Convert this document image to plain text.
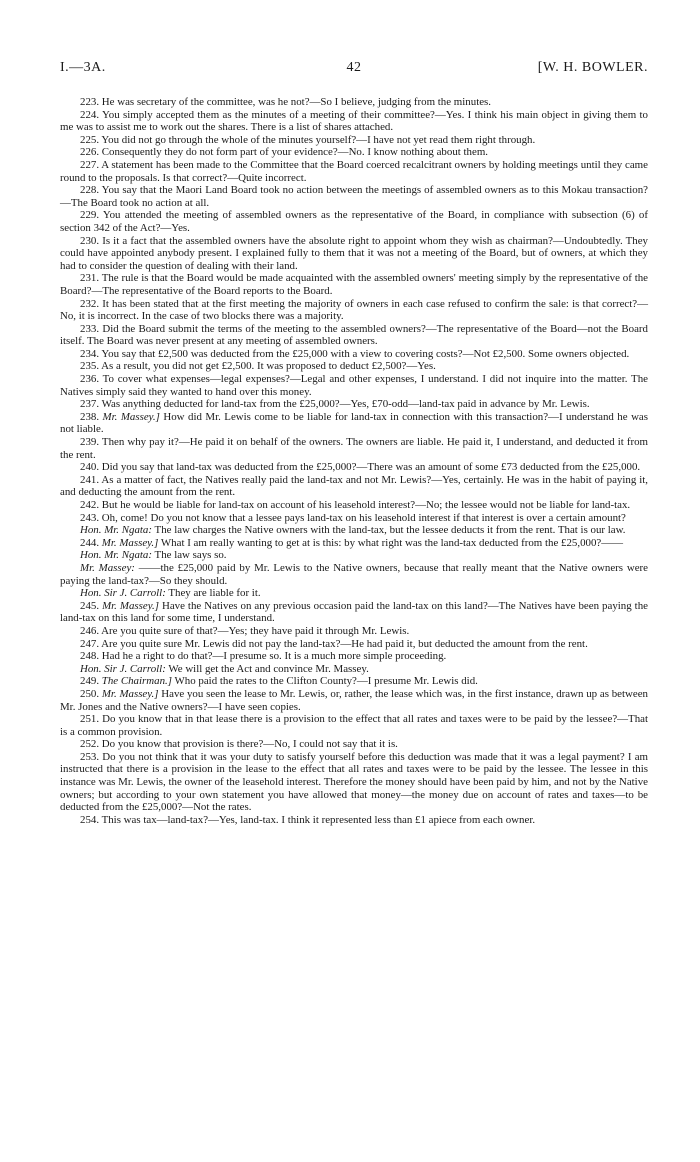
I.—3A.	42	[W. H. BOWLER.

223. He was secretary of the committee, was he not?—So I believe, judging from the minutes.

224. You simply accepted them as the minutes of a meeting of their committee?—Yes. I think his main object in giving them to me was to assist me to work out the shares. There is a list of shares attached.

225. You did not go through the whole of the minutes yourself?—I have not yet read them right through.

226. Consequently they do not form part of your evidence?—No. I know nothing about them.

227. A statement has been made to the Committee that the Board coerced recalcitrant owners by holding meetings until they came round to the proposals. Is that correct?—Quite incorrect.

228. You say that the Maori Land Board took no action between the meetings of assembled owners as to this Mokau transaction?—The Board took no action at all.

229. You attended the meeting of assembled owners as the representative of the Board, in compliance with subsection (6) of section 342 of the Act?—Yes.

230. Is it a fact that the assembled owners have the absolute right to appoint whom they wish as chairman?—Undoubtedly. They could have appointed anybody present. I explained fully to them that it was not a meeting of the Board, but of owners, at which they had to consider the question of dealing with their land.

231. The rule is that the Board would be made acquainted with the assembled owners' meeting simply by the representative of the Board?—The representative of the Board reports to the Board.

232. It has been stated that at the first meeting the majority of owners in each case refused to confirm the sale: is that correct?—No, it is incorrect. In the case of two blocks there was a majority.

233. Did the Board submit the terms of the meeting to the assembled owners?—The representative of the Board—not the Board itself. The Board was never present at any meeting of assembled owners.

234. You say that £2,500 was deducted from the £25,000 with a view to covering costs?—Not £2,500. Some owners objected.

235. As a result, you did not get £2,500. It was proposed to deduct £2,500?—Yes.

236. To cover what expenses—legal expenses?—Legal and other expenses, I understand. I did not inquire into the matter. The Natives simply said they wanted to hand over this money.

237. Was anything deducted for land-tax from the £25,000?—Yes, £70-odd—land-tax paid in advance by Mr. Lewis.

238. Mr. Massey.] How did Mr. Lewis come to be liable for land-tax in connection with this transaction?—I understand he was not liable.

239. Then why pay it?—He paid it on behalf of the owners. The owners are liable. He paid it, I understand, and deducted it from the rent.

240. Did you say that land-tax was deducted from the £25,000?—There was an amount of some £73 deducted from the £25,000.

241. As a matter of fact, the Natives really paid the land-tax and not Mr. Lewis?—Yes, certainly. He was in the habit of paying it, and deducting the amount from the rent.

242. But he would be liable for land-tax on account of his leasehold interest?—No; the lessee would not be liable for land-tax.

243. Oh, come! Do you not know that a lessee pays land-tax on his leasehold interest if that interest is over a certain amount?

Hon. Mr. Ngata: The law charges the Native owners with the land-tax, but the lessee deducts it from the rent. That is our law.

244. Mr. Massey.] What I am really wanting to get at is this: by what right was the land-tax deducted from the £25,000?——

Hon. Mr. Ngata: The law says so.

Mr. Massey: ——the £25,000 paid by Mr. Lewis to the Native owners, because that really meant that the Native owners were paying the land-tax?—So they should.

Hon. Sir J. Carroll: They are liable for it.

245. Mr. Massey.] Have the Natives on any previous occasion paid the land-tax on this land?—The Natives have been paying the land-tax on this land for some time, I understand.

246. Are you quite sure of that?—Yes; they have paid it through Mr. Lewis.

247. Are you quite sure Mr. Lewis did not pay the land-tax?—He had paid it, but deducted the amount from the rent.

248. Had he a right to do that?—I presume so. It is a much more simple proceeding.

Hon. Sir J. Carroll: We will get the Act and convince Mr. Massey.

249. The Chairman.] Who paid the rates to the Clifton County?—I presume Mr. Lewis did.

250. Mr. Massey.] Have you seen the lease to Mr. Lewis, or, rather, the lease which was, in the first instance, drawn up as between Mr. Jones and the Native owners?—I have seen copies.

251. Do you know that in that lease there is a provision to the effect that all rates and taxes were to be paid by the lessee?—That is a common provision.

252. Do you know that provision is there?—No, I could not say that it is.

253. Do you not think that it was your duty to satisfy yourself before this deduction was made that it was a legal payment? I am instructed that there is a provision in the lease to the effect that all rates and taxes were to be paid by the lessee. The lessee in this instance was Mr. Lewis, the owner of the leasehold interest. Therefore the money should have been paid by him, and not by the Native owners; but according to your own statement you have allowed that money—the money due on account of rates and taxes—to be deducted from the £25,000?—Not the rates.

254. This was tax—land-tax?—Yes, land-tax. I think it represented less than £1 apiece from each owner.
